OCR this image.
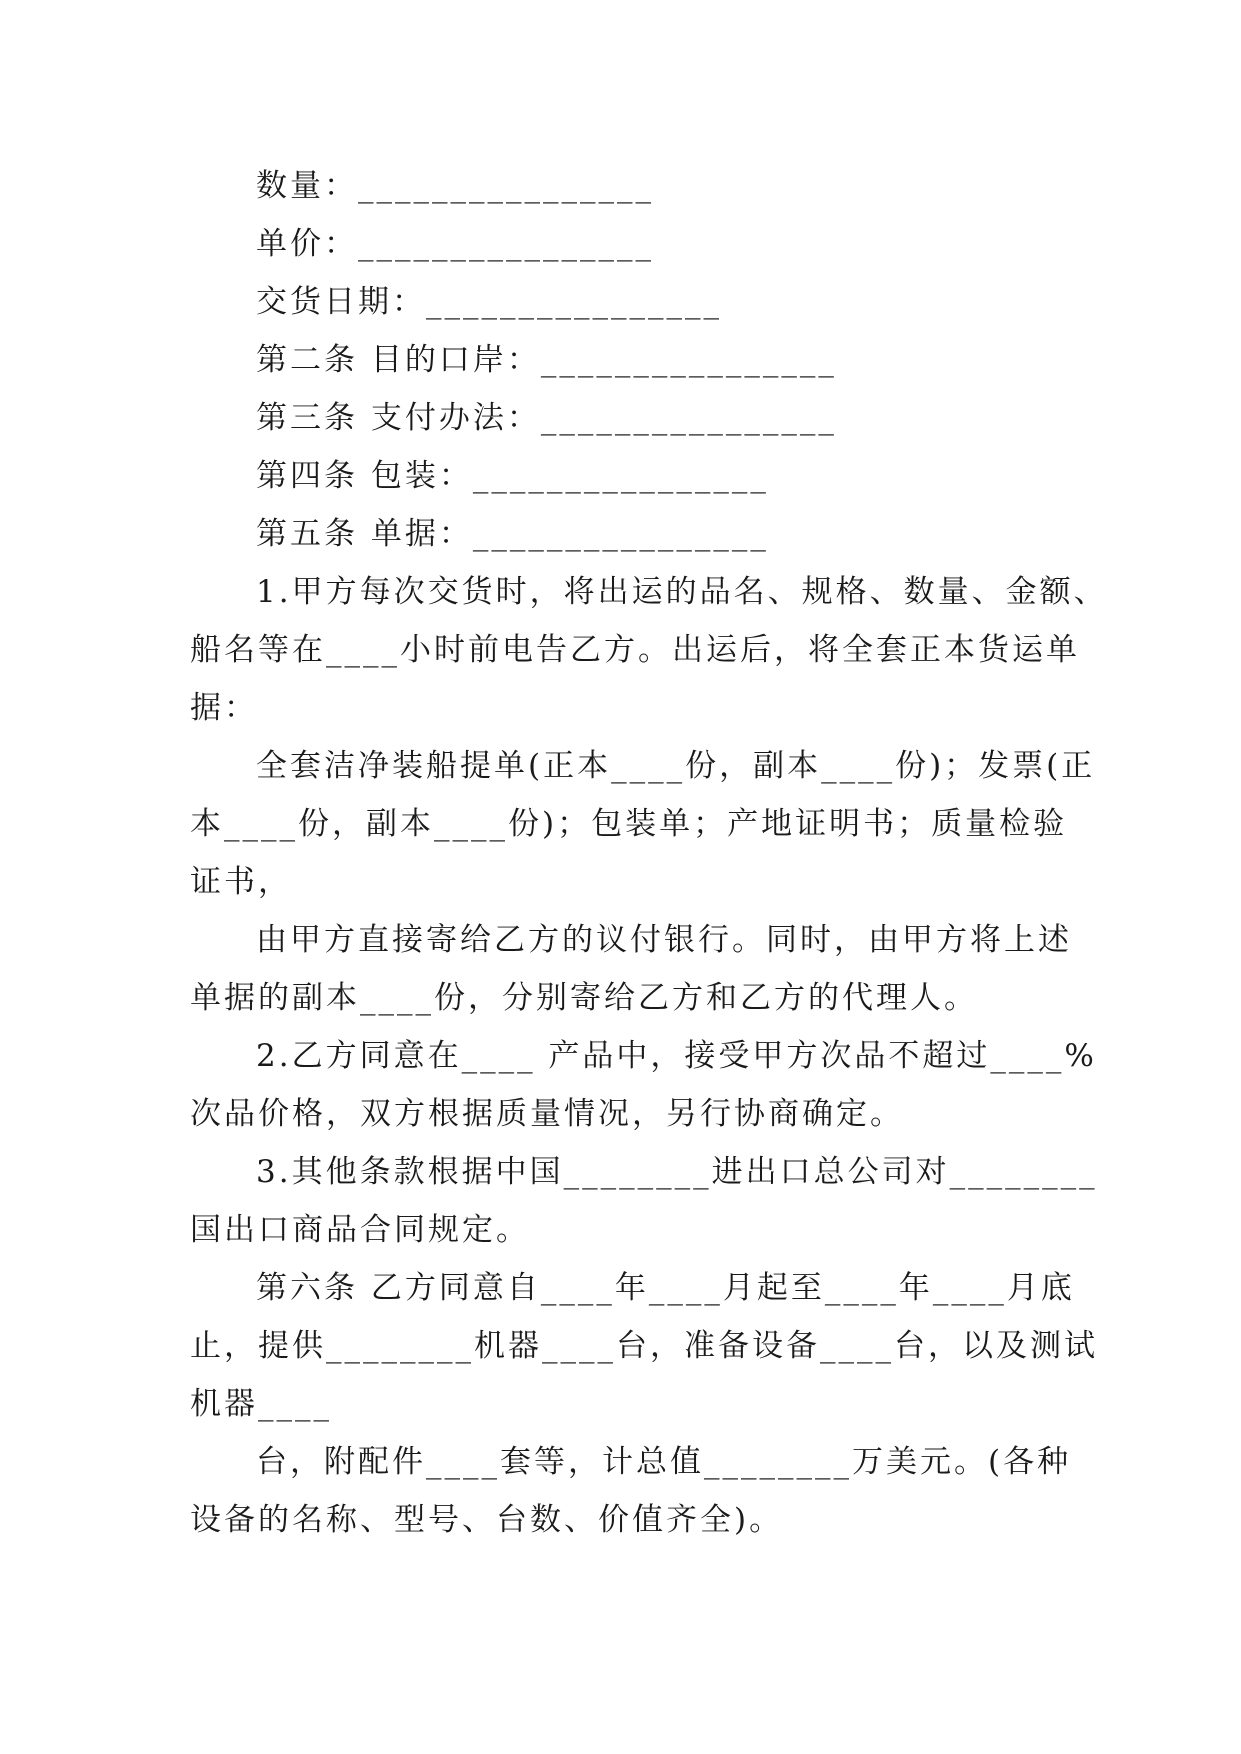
数量：________________
单价：________________
交货日期：________________
第二条 目的口岸：________________
第三条 支付办法：________________
第四条 包装：________________
第五条 单据：________________
1.甲方每次交货时，将出运的品名、规格、数量、金额、
船名等在____小时前电告乙方。出运后，将全套正本货运单
据：
全套洁净装船提单(正本____份，副本____份)；发票(正
本____份，副本____份)；包装单；产地证明书；质量检验
证书，
由甲方直接寄给乙方的议付银行。同时，由甲方将上述
单据的副本____份，分别寄给乙方和乙方的代理人。
2.乙方同意在____ 产品中，接受甲方次品不超过____%
次品价格，双方根据质量情况，另行协商确定。
3.其他条款根据中国________进出口总公司对________
国出口商品合同规定。
第六条 乙方同意自____年____月起至____年____月底
止，提供________机器____台，准备设备____台，以及测试
机器____
台，附配件____套等，计总值________万美元。(各种
设备的名称、型号、台数、价值齐全)。
